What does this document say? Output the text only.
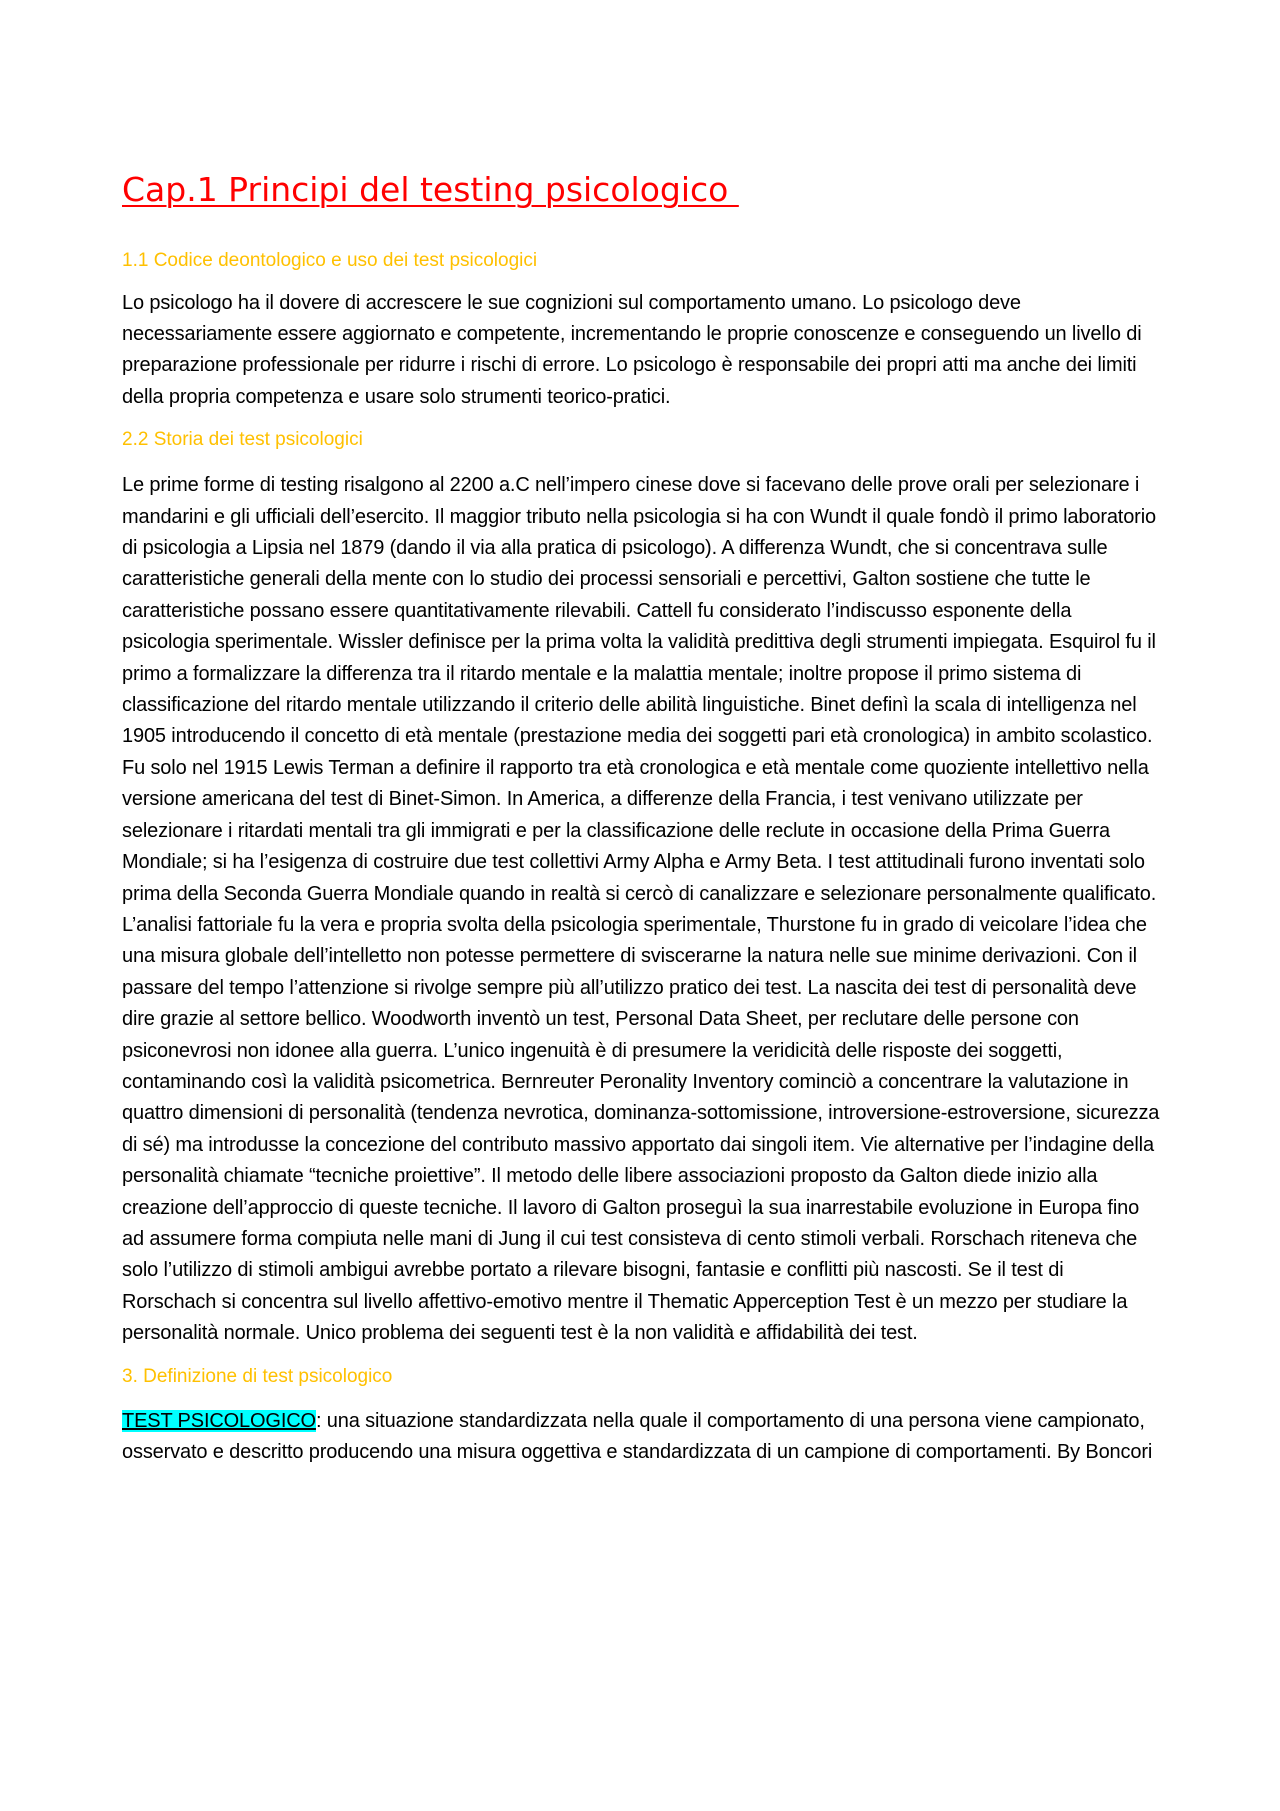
Cap.1 Principi del testing psicologico
1.1 Codice deontologico e uso dei test psicologici

Lo psicologo ha il dovere di accrescere le sue cognizioni sul comportamento umano. Lo psicologo deve necessariamente essere aggiornato e competente, incrementando le proprie conoscenze e conseguendo un livello di preparazione professionale per ridurre i rischi di errore. Lo psicologo è responsabile dei propri atti ma anche dei limiti della propria competenza e usare solo strumenti teorico-pratici.

2.2 Storia dei test psicologici

Le prime forme di testing risalgono al 2200 a.C nell’impero cinese dove si facevano delle prove orali per selezionare i mandarini e gli ufficiali dell’esercito. Il maggior tributo nella psicologia si ha con Wundt il quale fondò il primo laboratorio di psicologia a Lipsia nel 1879 (dando il via alla pratica di psicologo). A differenza Wundt, che si concentrava sulle caratteristiche generali della mente con lo studio dei processi sensoriali e percettivi, Galton sostiene che tutte le caratteristiche possano essere quantitativamente rilevabili. Cattell fu considerato l’indiscusso esponente della psicologia sperimentale. Wissler definisce per la prima volta la validità predittiva degli strumenti impiegata. Esquirol fu il primo a formalizzare la differenza tra il ritardo mentale e la malattia mentale; inoltre propose il primo sistema di classificazione del ritardo mentale utilizzando il criterio delle abilità linguistiche. Binet definì la scala di intelligenza nel 1905 introducendo il concetto di età mentale (prestazione media dei soggetti pari età cronologica) in ambito scolastico. Fu solo nel 1915 Lewis Terman a definire il rapporto tra età cronologica e età mentale come quoziente intellettivo nella versione americana del test di Binet-Simon. In America, a differenze della Francia, i test venivano utilizzate per selezionare i ritardati mentali tra gli immigrati e per la classificazione delle reclute in occasione della Prima Guerra Mondiale; si ha l’esigenza di costruire due test collettivi Army Alpha e Army Beta. I test attitudinali furono inventati solo prima della Seconda Guerra Mondiale quando in realtà si cercò di canalizzare e selezionare personalmente qualificato. L’analisi fattoriale fu la vera e propria svolta della psicologia sperimentale, Thurstone fu in grado di veicolare l’idea che una misura globale dell’intelletto non potesse permettere di sviscerarne la natura nelle sue minime derivazioni. Con il passare del tempo l’attenzione si rivolge sempre più all’utilizzo pratico dei test. La nascita dei test di personalità deve dire grazie al settore bellico. Woodworth inventò un test, Personal Data Sheet, per reclutare delle persone con psiconevrosi non idonee alla guerra. L’unico ingenuità è di presumere la veridicità delle risposte dei soggetti, contaminando così la validità psicometrica. Bernreuter Peronality Inventory cominciò a concentrare la valutazione in quattro dimensioni di personalità (tendenza nevrotica, dominanza-sottomissione, introversione-estroversione, sicurezza di sé) ma introdusse la concezione del contributo massivo apportato dai singoli item. Vie alternative per l’indagine della personalità chiamate “tecniche proiettive”. Il metodo delle libere associazioni proposto da Galton diede inizio alla creazione dell’approccio di queste tecniche. Il lavoro di Galton proseguì la sua inarrestabile evoluzione in Europa fino ad assumere forma compiuta nelle mani di Jung il cui test consisteva di cento stimoli verbali. Rorschach riteneva che solo l’utilizzo di stimoli ambigui avrebbe portato a rilevare bisogni, fantasie e conflitti più nascosti. Se il test di Rorschach si concentra sul livello affettivo-emotivo mentre il Thematic Apperception Test è un mezzo per studiare la personalità normale. Unico problema dei seguenti test è la non validità e affidabilità dei test.

3. Definizione di test psicologico

TEST PSICOLOGICO: una situazione standardizzata nella quale il comportamento di una persona viene campionato, osservato e descritto producendo una misura oggettiva e standardizzata di un campione di comportamenti. By Boncori
